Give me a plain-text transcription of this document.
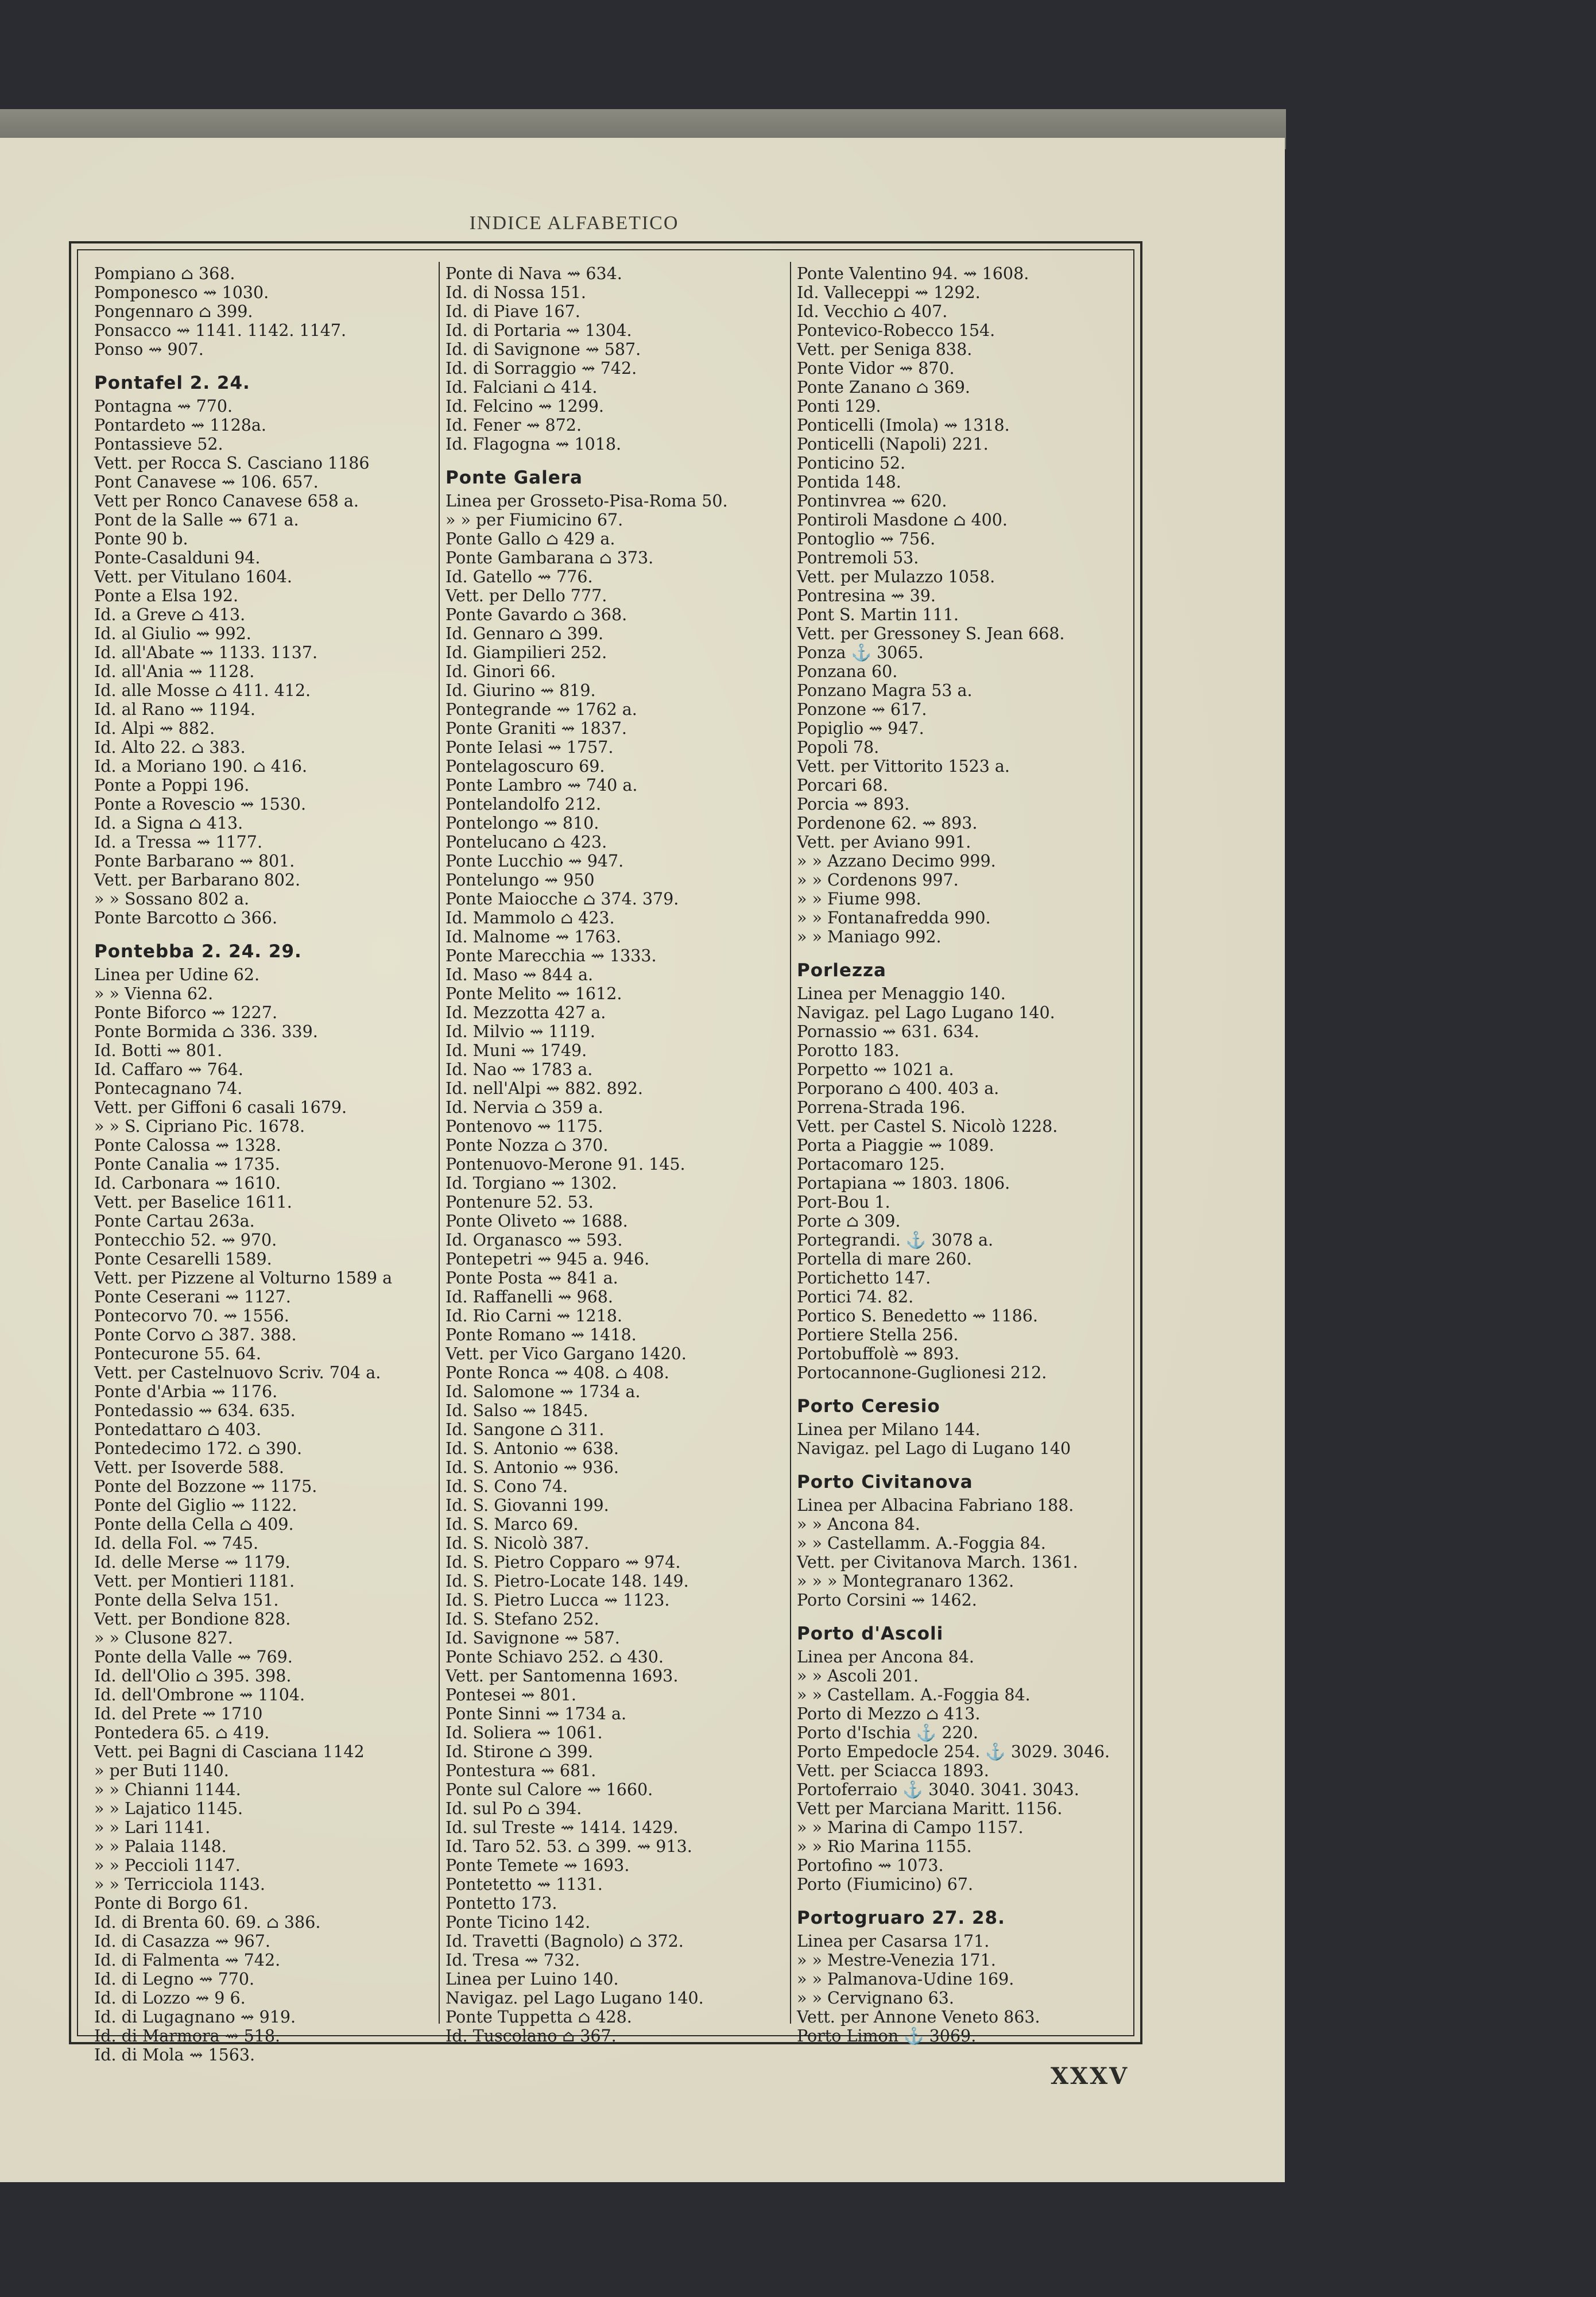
INDICE ALFABETICO
Pompiano ⌂ 368.
Pomponesco ⇝ 1030.
Pongennaro ⌂ 399.
Ponsacco ⇝ 1141. 1142. 1147.
Ponso ⇝ 907.
Pontafel 2. 24.
Pontagna ⇝ 770.
Pontardeto ⇝ 1128a.
Pontassieve 52.
Vett. per Rocca S. Casciano 1186
Pont Canavese ⇝ 106. 657.
Vett per Ronco Canavese 658 a.
Pont de la Salle ⇝ 671 a.
Ponte 90 b.
Ponte-Casalduni 94.
Vett. per Vitulano 1604.
Ponte a Elsa 192.
Id. a Greve ⌂ 413.
Id. al Giulio ⇝ 992.
Id. all'Abate ⇝ 1133. 1137.
Id. all'Ania ⇝ 1128.
Id. alle Mosse ⌂ 411. 412.
Id. al Rano ⇝ 1194.
Id. Alpi ⇝ 882.
Id. Alto 22. ⌂ 383.
Id. a Moriano 190. ⌂ 416.
Ponte a Poppi 196.
Ponte a Rovescio ⇝ 1530.
Id. a Signa ⌂ 413.
Id. a Tressa ⇝ 1177.
Ponte Barbarano ⇝ 801.
Vett. per Barbarano 802.
» » Sossano 802 a.
Ponte Barcotto ⌂ 366.
Pontebba 2. 24. 29.
Linea per Udine 62.
» » Vienna 62.
Ponte Biforco ⇝ 1227.
Ponte Bormida ⌂ 336. 339.
Id. Botti ⇝ 801.
Id. Caffaro ⇝ 764.
Pontecagnano 74.
Vett. per Giffoni 6 casali 1679.
» » S. Cipriano Pic. 1678.
Ponte Calossa ⇝ 1328.
Ponte Canalia ⇝ 1735.
Id. Carbonara ⇝ 1610.
Vett. per Baselice 1611.
Ponte Cartau 263a.
Pontecchio 52. ⇝ 970.
Ponte Cesarelli 1589.
Vett. per Pizzene al Volturno 1589 a
Ponte Ceserani ⇝ 1127.
Pontecorvo 70. ⇝ 1556.
Ponte Corvo ⌂ 387. 388.
Pontecurone 55. 64.
Vett. per Castelnuovo Scriv. 704 a.
Ponte d'Arbia ⇝ 1176.
Pontedassio ⇝ 634. 635.
Pontedattaro ⌂ 403.
Pontedecimo 172. ⌂ 390.
Vett. per Isoverde 588.
Ponte del Bozzone ⇝ 1175.
Ponte del Giglio ⇝ 1122.
Ponte della Cella ⌂ 409.
Id. della Fol. ⇝ 745.
Id. delle Merse ⇝ 1179.
Vett. per Montieri 1181.
Ponte della Selva 151.
Vett. per Bondione 828.
» » Clusone 827.
Ponte della Valle ⇝ 769.
Id. dell'Olio ⌂ 395. 398.
Id. dell'Ombrone ⇝ 1104.
Id. del Prete ⇝ 1710
Pontedera 65. ⌂ 419.
Vett. pei Bagni di Casciana 1142
» per Buti 1140.
» » Chianni 1144.
» » Lajatico 1145.
» » Lari 1141.
» » Palaia 1148.
» » Peccioli 1147.
» » Terricciola 1143.
Ponte di Borgo 61.
Id. di Brenta 60. 69. ⌂ 386.
Id. di Casazza ⇝ 967.
Id. di Falmenta ⇝ 742.
Id. di Legno ⇝ 770.
Id. di Lozzo ⇝ 9 6.
Id. di Lugagnano ⇝ 919.
Id. di Marmora ⇝ 518.
Id. di Mola ⇝ 1563.
Ponte di Nava ⇝ 634.
Id. di Nossa 151.
Id. di Piave 167.
Id. di Portaria ⇝ 1304.
Id. di Savignone ⇝ 587.
Id. di Sorraggio ⇝ 742.
Id. Falciani ⌂ 414.
Id. Felcino ⇝ 1299.
Id. Fener ⇝ 872.
Id. Flagogna ⇝ 1018.
Ponte Galera
Linea per Grosseto-Pisa-Roma 50.
» » per Fiumicino 67.
Ponte Gallo ⌂ 429 a.
Ponte Gambarana ⌂ 373.
Id. Gatello ⇝ 776.
Vett. per Dello 777.
Ponte Gavardo ⌂ 368.
Id. Gennaro ⌂ 399.
Id. Giampilieri 252.
Id. Ginori 66.
Id. Giurino ⇝ 819.
Pontegrande ⇝ 1762 a.
Ponte Graniti ⇝ 1837.
Ponte Ielasi ⇝ 1757.
Pontelagoscuro 69.
Ponte Lambro ⇝ 740 a.
Pontelandolfo 212.
Pontelongo ⇝ 810.
Pontelucano ⌂ 423.
Ponte Lucchio ⇝ 947.
Pontelungo ⇝ 950
Ponte Maiocche ⌂ 374. 379.
Id. Mammolo ⌂ 423.
Id. Malnome ⇝ 1763.
Ponte Marecchia ⇝ 1333.
Id. Maso ⇝ 844 a.
Ponte Melito ⇝ 1612.
Id. Mezzotta 427 a.
Id. Milvio ⇝ 1119.
Id. Muni ⇝ 1749.
Id. Nao ⇝ 1783 a.
Id. nell'Alpi ⇝ 882. 892.
Id. Nervia ⌂ 359 a.
Pontenovo ⇝ 1175.
Ponte Nozza ⌂ 370.
Pontenuovo-Merone 91. 145.
Id. Torgiano ⇝ 1302.
Pontenure 52. 53.
Ponte Oliveto ⇝ 1688.
Id. Organasco ⇝ 593.
Pontepetri ⇝ 945 a. 946.
Ponte Posta ⇝ 841 a.
Id. Raffanelli ⇝ 968.
Id. Rio Carni ⇝ 1218.
Ponte Romano ⇝ 1418.
Vett. per Vico Gargano 1420.
Ponte Ronca ⇝ 408. ⌂ 408.
Id. Salomone ⇝ 1734 a.
Id. Salso ⇝ 1845.
Id. Sangone ⌂ 311.
Id. S. Antonio ⇝ 638.
Id. S. Antonio ⇝ 936.
Id. S. Cono 74.
Id. S. Giovanni 199.
Id. S. Marco 69.
Id. S. Nicolò 387.
Id. S. Pietro Copparo ⇝ 974.
Id. S. Pietro-Locate 148. 149.
Id. S. Pietro Lucca ⇝ 1123.
Id. S. Stefano 252.
Id. Savignone ⇝ 587.
Ponte Schiavo 252. ⌂ 430.
Vett. per Santomenna 1693.
Pontesei ⇝ 801.
Ponte Sinni ⇝ 1734 a.
Id. Soliera ⇝ 1061.
Id. Stirone ⌂ 399.
Pontestura ⇝ 681.
Ponte sul Calore ⇝ 1660.
Id. sul Po ⌂ 394.
Id. sul Treste ⇝ 1414. 1429.
Id. Taro 52. 53. ⌂ 399. ⇝ 913.
Ponte Temete ⇝ 1693.
Pontetetto ⇝ 1131.
Pontetto 173.
Ponte Ticino 142.
Id. Travetti (Bagnolo) ⌂ 372.
Id. Tresa ⇝ 732.
Linea per Luino 140.
Navigaz. pel Lago Lugano 140.
Ponte Tuppetta ⌂ 428.
Id. Tuscolano ⌂ 367.
Ponte Valentino 94. ⇝ 1608.
Id. Valleceppi ⇝ 1292.
Id. Vecchio ⌂ 407.
Pontevico-Robecco 154.
Vett. per Seniga 838.
Ponte Vidor ⇝ 870.
Ponte Zanano ⌂ 369.
Ponti 129.
Ponticelli (Imola) ⇝ 1318.
Ponticelli (Napoli) 221.
Ponticino 52.
Pontida 148.
Pontinvrea ⇝ 620.
Pontiroli Masdone ⌂ 400.
Pontoglio ⇝ 756.
Pontremoli 53.
Vett. per Mulazzo 1058.
Pontresina ⇝ 39.
Pont S. Martin 111.
Vett. per Gressoney S. Jean 668.
Ponza ⚓ 3065.
Ponzana 60.
Ponzano Magra 53 a.
Ponzone ⇝ 617.
Popiglio ⇝ 947.
Popoli 78.
Vett. per Vittorito 1523 a.
Porcari 68.
Porcia ⇝ 893.
Pordenone 62. ⇝ 893.
Vett. per Aviano 991.
» » Azzano Decimo 999.
» » Cordenons 997.
» » Fiume 998.
» » Fontanafredda 990.
» » Maniago 992.
Porlezza
Linea per Menaggio 140.
Navigaz. pel Lago Lugano 140.
Pornassio ⇝ 631. 634.
Porotto 183.
Porpetto ⇝ 1021 a.
Porporano ⌂ 400. 403 a.
Porrena-Strada 196.
Vett. per Castel S. Nicolò 1228.
Porta a Piaggie ⇝ 1089.
Portacomaro 125.
Portapiana ⇝ 1803. 1806.
Port-Bou 1.
Porte ⌂ 309.
Portegrandi. ⚓ 3078 a.
Portella di mare 260.
Portichetto 147.
Portici 74. 82.
Portico S. Benedetto ⇝ 1186.
Portiere Stella 256.
Portobuffolè ⇝ 893.
Portocannone-Guglionesi 212.
Porto Ceresio
Linea per Milano 144.
Navigaz. pel Lago di Lugano 140
Porto Civitanova
Linea per Albacina Fabriano 188.
» » Ancona 84.
» » Castellamm. A.-Foggia 84.
Vett. per Civitanova March. 1361.
» » » Montegranaro 1362.
Porto Corsini ⇝ 1462.
Porto d'Ascoli
Linea per Ancona 84.
» » Ascoli 201.
» » Castellam. A.-Foggia 84.
Porto di Mezzo ⌂ 413.
Porto d'Ischia ⚓ 220.
Porto Empedocle 254. ⚓ 3029. 3046.
Vett. per Sciacca 1893.
Portoferraio ⚓ 3040. 3041. 3043.
Vett per Marciana Maritt. 1156.
» » Marina di Campo 1157.
» » Rio Marina 1155.
Portofino ⇝ 1073.
Porto (Fiumicino) 67.
Portogruaro 27. 28.
Linea per Casarsa 171.
» » Mestre-Venezia 171.
» » Palmanova-Udine 169.
» » Cervignano 63.
Vett. per Annone Veneto 863.
Porto Limon ⚓ 3069.
XXXV
